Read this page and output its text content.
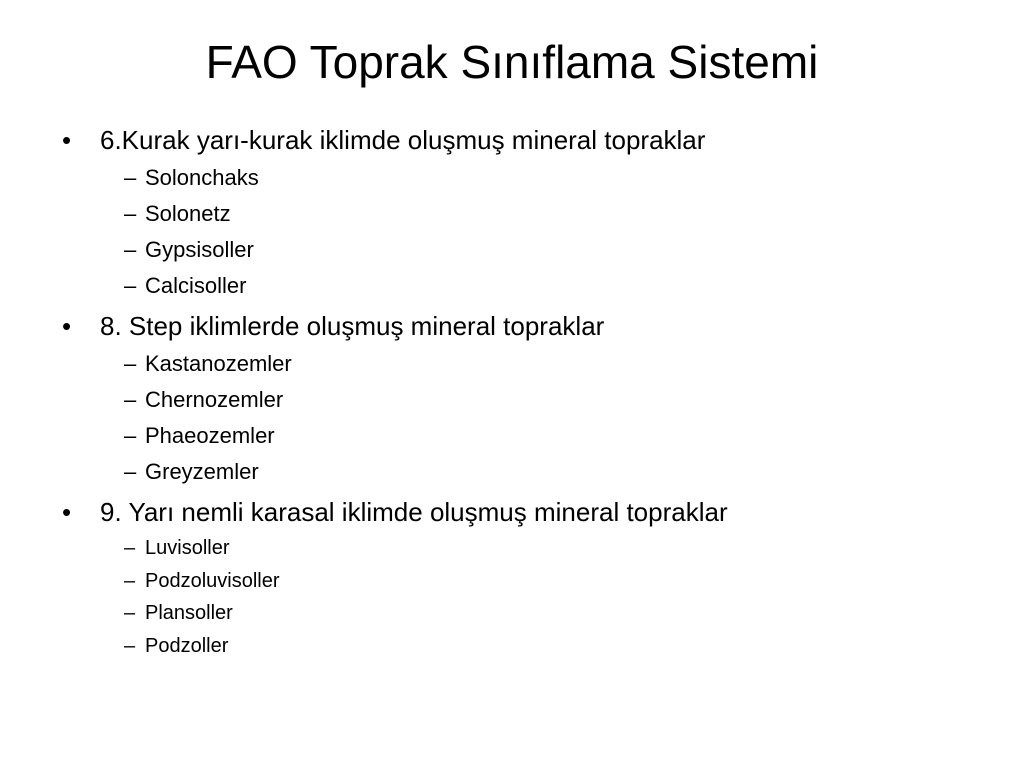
FAO Toprak Sınıflama Sistemi
•	6.Kurak yarı-kurak iklimde oluşmuş mineral topraklar
– Solonchaks
– Solonetz
– Gypsisoller
– Calcisoller
•	8. Step iklimlerde oluşmuş mineral topraklar
– Kastanozemler
– Chernozemler
– Phaeozemler
– Greyzemler
•	9. Yarı nemli karasal iklimde oluşmuş mineral topraklar
– Luvisoller
– Podzoluvisoller
– Plansoller
– Podzoller
